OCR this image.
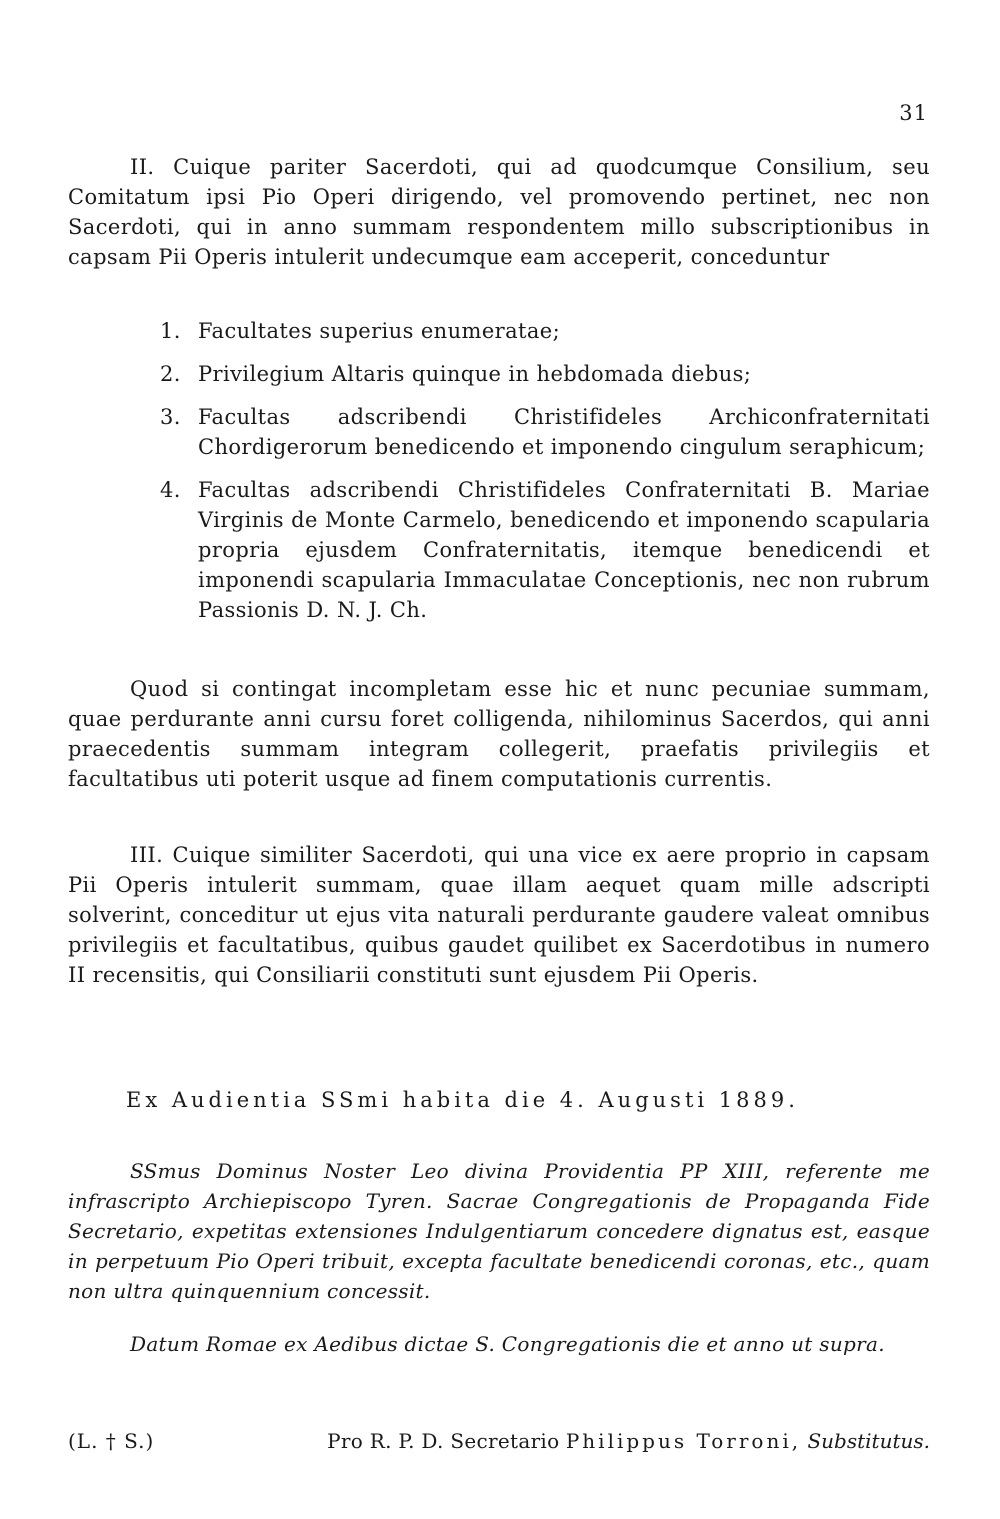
31

II. Cuique pariter Sacerdoti, qui ad quodcumque Consilium, seu Comitatum ipsi Pio Operi dirigendo, vel promovendo pertinet, nec non Sacerdoti, qui in anno summam respondentem millo subscriptionibus in capsam Pii Operis intulerit undecumque eam acceperit, conceduntur

1. Facultates superius enumeratae;
2. Privilegium Altaris quinque in hebdomada diebus;
3. Facultas adscribendi Christifideles Archiconfraternitati Chordigerorum benedicendo et imponendo cingulum seraphicum;
4. Facultas adscribendi Christifideles Confraternitati B. Mariae Virginis de Monte Carmelo, benedicendo et imponendo scapularia propria ejusdem Confraternitatis, itemque benedicendi et imponendi scapularia Immaculatae Conceptionis, nec non rubrum Passionis D. N. J. Ch.

Quod si contingat incompletam esse hic et nunc pecuniae summam, quae perdurante anni cursu foret colligenda, nihilominus Sacerdos, qui anni praecedentis summam integram collegerit, praefatis privilegiis et facultatibus uti poterit usque ad finem computationis currentis.

III. Cuique similiter Sacerdoti, qui una vice ex aere proprio in capsam Pii Operis intulerit summam, quae illam aequet quam mille adscripti solverint, conceditur ut ejus vita naturali perdurante gaudere valeat omnibus privilegiis et facultatibus, quibus gaudet quilibet ex Sacerdotibus in numero II recensitis, qui Consiliarii constituti sunt ejusdem Pii Operis.

Ex Audientia SSmi habita die 4. Augusti 1889.

SSmus Dominus Noster Leo divina Providentia PP XIII, referente me infrascripto Archiepiscopo Tyren. Sacrae Congregationis de Propaganda Fide Secretario, expetitas extensiones Indulgentiarum concedere dignatus est, easque in perpetuum Pio Operi tribuit, excepta facultate benedicendi coronas, etc., quam non ultra quinquennium concessit.

Datum Romae ex Aedibus dictae S. Congregationis die et anno ut supra.

(L. † S.)	Pro R. P. D. Secretario Philippus Torroni, Substitutus.
